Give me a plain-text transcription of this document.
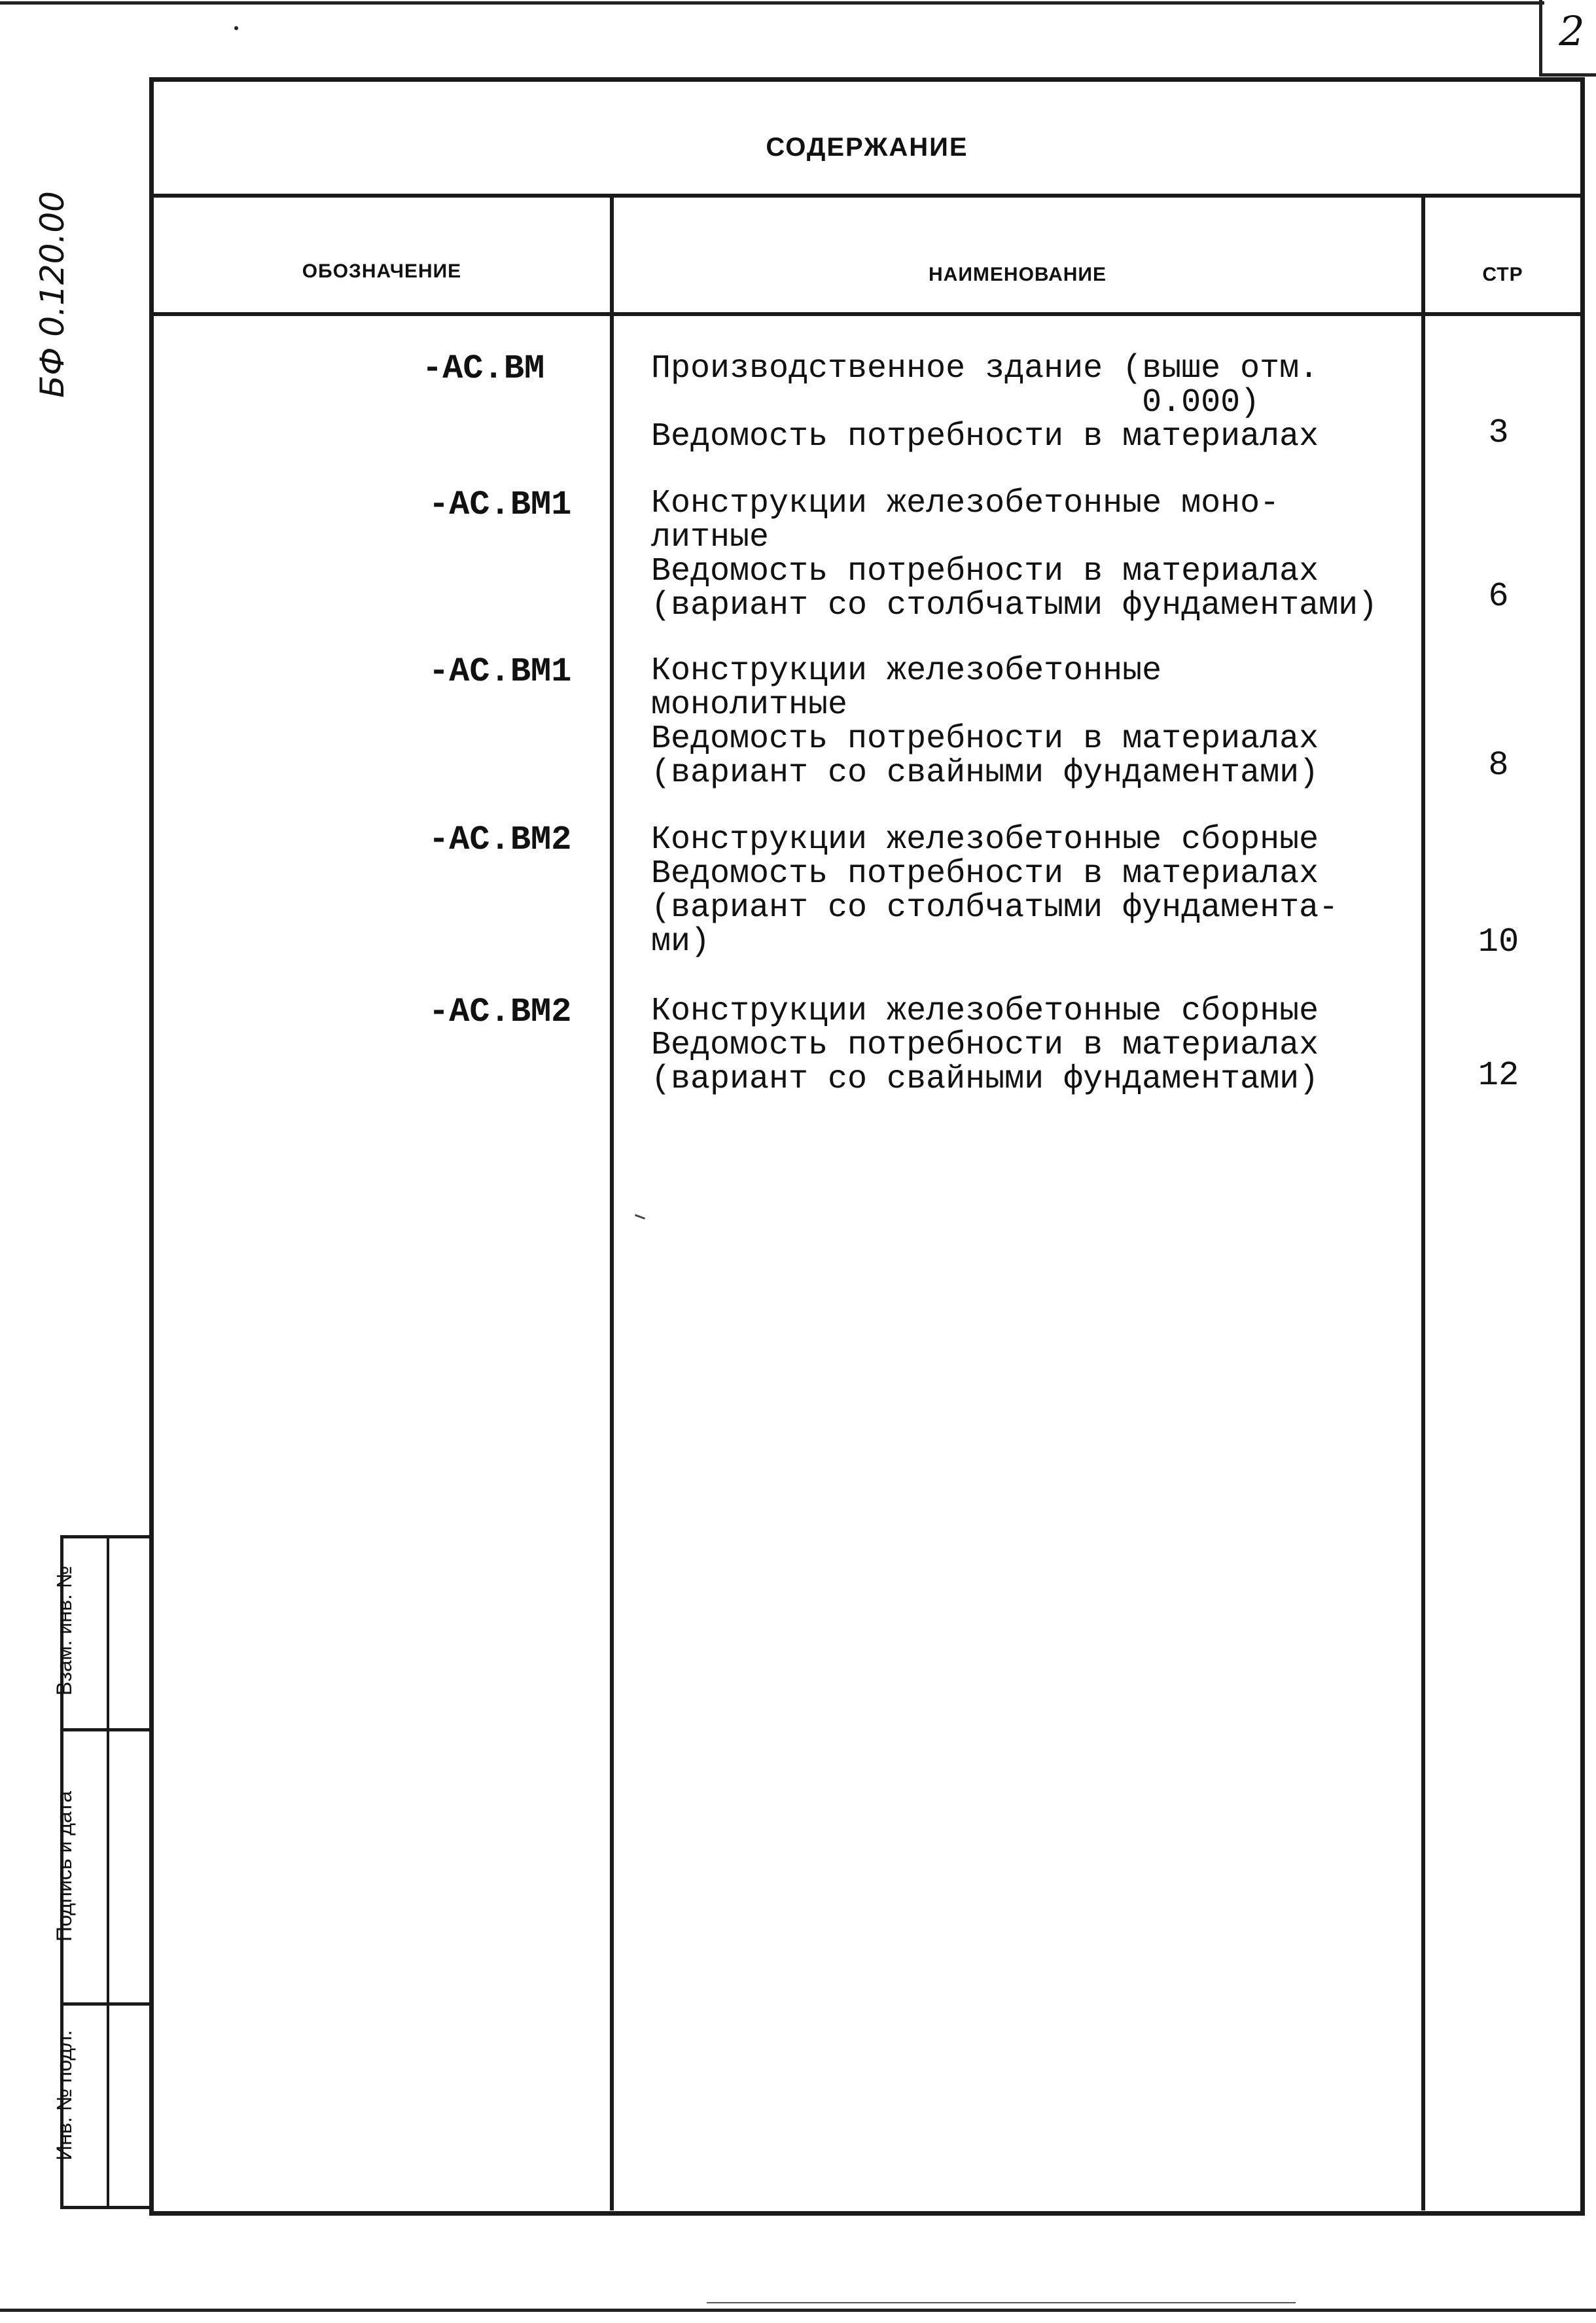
2
БФ 0.120.00
СОДЕРЖАНИЕ
ОБОЗНАЧЕНИЕ	НАИМЕНОВАНИЕ	СТР
-АС.ВМ	Производственное здание (выше отм.
0.000)
Ведомость потребности в материалах	3
-АС.ВМ1	Конструкции железобетонные моно-
литные
Ведомость потребности в материалах
(вариант со столбчатыми фундаментами)	6
-АС.ВМ1	Конструкции железобетонные
монолитные
Ведомость потребности в материалах
(вариант со свайными фундаментами)	8
-АС.ВМ2	Конструкции железобетонные сборные
Ведомость потребности в материалах
(вариант со столбчатыми фундамента-
ми)	10
-АС.ВМ2	Конструкции железобетонные сборные
Ведомость потребности в материалах
(вариант со свайными фундаментами)	12
Взам. инв. №
Подпись и дата
Инв. № подл.
